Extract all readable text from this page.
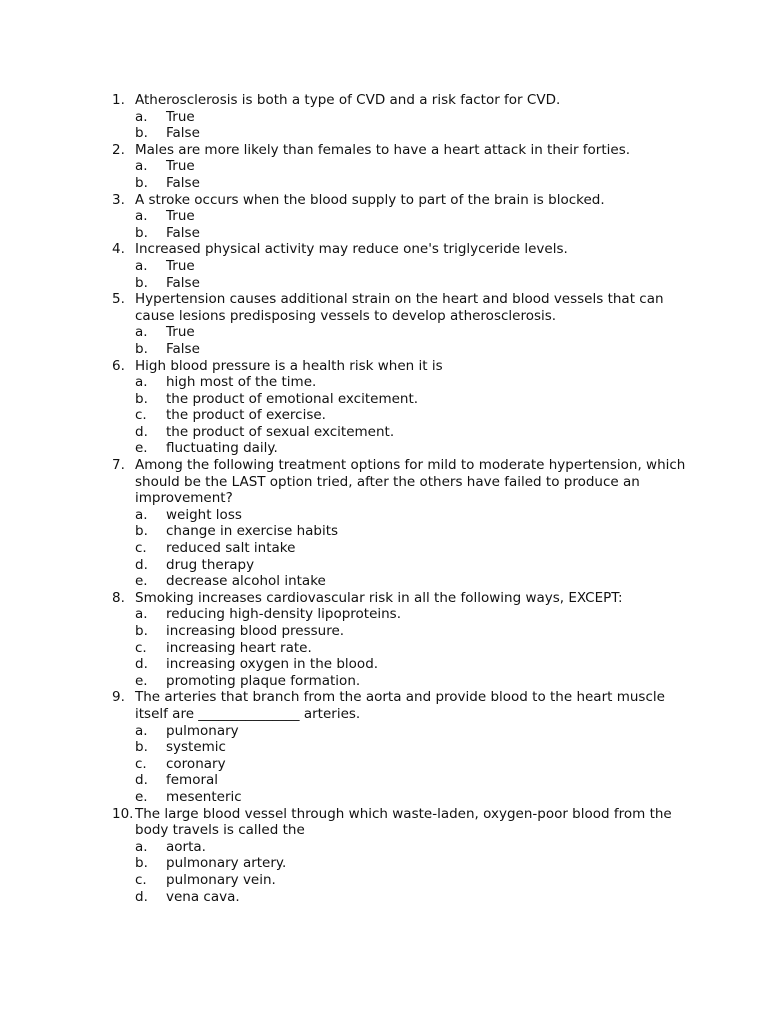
1. Atherosclerosis is both a type of CVD and a risk factor for CVD.
a. True
b. False
2. Males are more likely than females to have a heart attack in their forties.
a. True
b. False
3. A stroke occurs when the blood supply to part of the brain is blocked.
a. True
b. False
4. Increased physical activity may reduce one's triglyceride levels.
a. True
b. False
5. Hypertension causes additional strain on the heart and blood vessels that can cause lesions predisposing vessels to develop atherosclerosis.
a. True
b. False
6. High blood pressure is a health risk when it is
a. high most of the time.
b. the product of emotional excitement.
c. the product of exercise.
d. the product of sexual excitement.
e. fluctuating daily.
7. Among the following treatment options for mild to moderate hypertension, which should be the LAST option tried, after the others have failed to produce an improvement?
a. weight loss
b. change in exercise habits
c. reduced salt intake
d. drug therapy
e. decrease alcohol intake
8. Smoking increases cardiovascular risk in all the following ways, EXCEPT:
a. reducing high-density lipoproteins.
b. increasing blood pressure.
c. increasing heart rate.
d. increasing oxygen in the blood.
e. promoting plaque formation.
9. The arteries that branch from the aorta and provide blood to the heart muscle itself are _______________ arteries.
a. pulmonary
b. systemic
c. coronary
d. femoral
e. mesenteric
10. The large blood vessel through which waste-laden, oxygen-poor blood from the body travels is called the
a. aorta.
b. pulmonary artery.
c. pulmonary vein.
d. vena cava.
